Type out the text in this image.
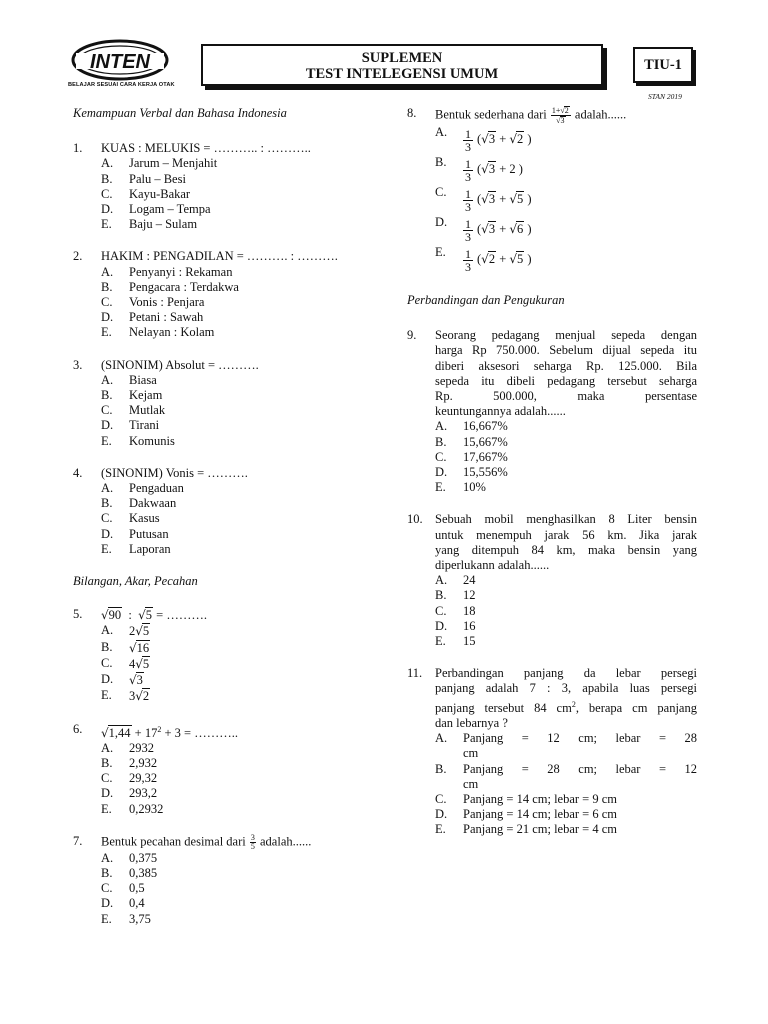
INTEN
BELAJAR SESUAI CARA KERJA OTAK
SUPLEMEN
TEST INTELEGENSI UMUM
TIU-1
STAN 2019
Kemampuan Verbal dan Bahasa Indonesia
1. KUAS : MELUKIS = ……….. : ………..
A. Jarum – Menjahit
B. Palu – Besi
C. Kayu-Bakar
D. Logam – Tempa
E. Baju – Sulam
2. HAKIM : PENGADILAN = ………. : ……….
A. Penyanyi : Rekaman
B. Pengacara : Terdakwa
C. Vonis : Penjara
D. Petani : Sawah
E. Nelayan : Kolam
3. (SINONIM) Absolut = ……….
A. Biasa
B. Kejam
C. Mutlak
D. Tirani
E. Komunis
4. (SINONIM) Vonis = ……….
A. Pengaduan
B. Dakwaan
C. Kasus
D. Putusan
E. Laporan
Bilangan, Akar, Pecahan
5. √90 : √5 = ……….
A. 2√5
B. √16
C. 4√5
D. √3
E. 3√2
6. $√1,44 + 17^2 + 3$ = ………..
A. 2932
B. 2,932
C. 29,32
D. 293,2
E. 0,2932
7. Bentuk pecahan desimal dari $\frac{3}{5}$ adalah......
A. 0,375
B. 0,385
C. 0,5
D. 0,4
E. 3,75
8. Bentuk sederhana dari $\frac{1+√2}{√3}$ adalah......
A. $\frac{1}{3} (√3 + √2$ )
B. $\frac{1}{3} (√3 + 2$ )
C. $\frac{1}{3} (√3 + √5$ )
D. $\frac{1}{3} (√3 + √6$ )
E. $\frac{1}{3} (√2 + √5$ )
Perbandingan dan Pengukuran
9. Seorang pedagang menjual sepeda dengan
harga Rp 750.000. Sebelum dijual sepeda itu
diberi aksesori seharga Rp. 125.000. Bila
sepeda itu dibeli pedagang tersebut seharga
Rp. 500.000, maka persentase
keuntungannya adalah......
A. 16,667%
B. 15,667%
C. 17,667%
D. 15,556%
E. 10%
10. Sebuah mobil menghasilkan 8 Liter bensin
untuk menempuh jarak 56 km. Jika jarak
yang ditempuh 84 km, maka bensin yang
diperlukann adalah......
A. 24
B. 12
C. 18
D. 16
E. 15
11. Perbandingan panjang da lebar persegi
panjang adalah 7 : 3, apabila luas persegi
panjang tersebut 84 $cm^2$, berapa cm panjang
dan lebarnya ?
A. Panjang = 12 cm; lebar = 28
cm
B. Panjang = 28 cm; lebar = 12
cm
C. Panjang = 14 cm; lebar = 9 cm
D. Panjang = 14 cm; lebar = 6 cm
E. Panjang = 21 cm; lebar = 4 cm
